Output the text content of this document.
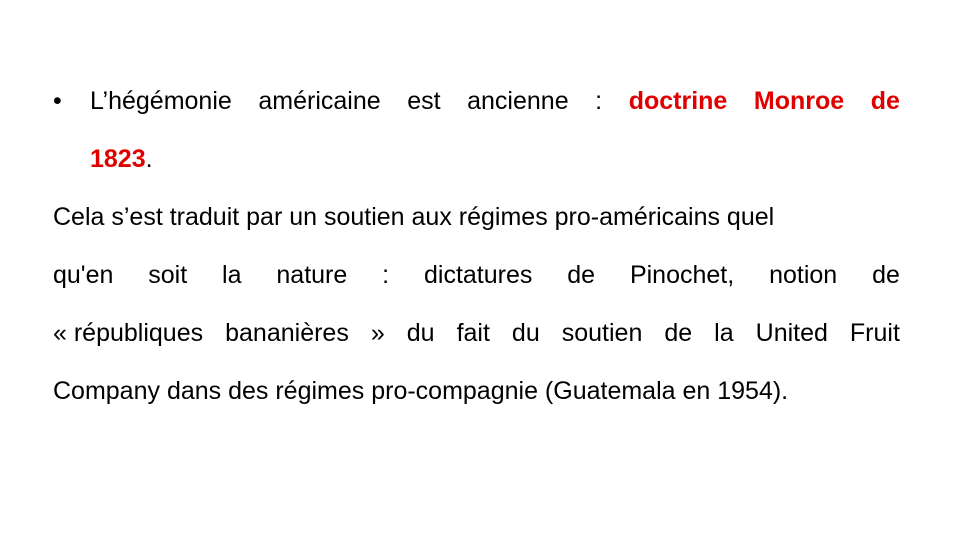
• L’hégémonie américaine est ancienne : doctrine Monroe de
1823.
Cela s’est traduit par un soutien aux régimes pro-américains quel
qu'en soit la nature : dictatures de Pinochet, notion de
« républiques bananières » du fait du soutien de la United Fruit
Company dans des régimes pro-compagnie (Guatemala en 1954).
